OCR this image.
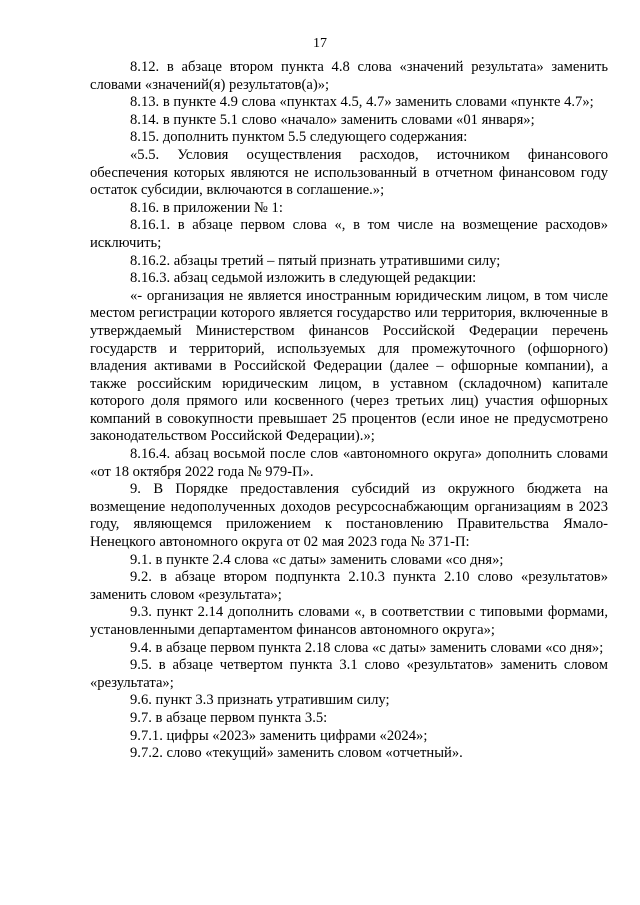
17

8.12. в абзаце втором пункта 4.8 слова «значений результата» заменить словами «значений(я) результатов(а)»;

8.13. в пункте 4.9 слова «пунктах 4.5, 4.7» заменить словами «пункте 4.7»;

8.14. в пункте 5.1 слово «начало» заменить словами «01 января»;

8.15. дополнить пунктом 5.5 следующего содержания:

«5.5. Условия осуществления расходов, источником финансового обеспечения которых являются не использованный в отчетном финансовом году остаток субсидии, включаются в соглашение.»;

8.16. в приложении № 1:

8.16.1. в абзаце первом слова «, в том числе на возмещение расходов» исключить;

8.16.2. абзацы третий – пятый признать утратившими силу;

8.16.3. абзац седьмой изложить в следующей редакции:

«- организация не является иностранным юридическим лицом, в том числе местом регистрации которого является государство или территория, включенные в утверждаемый Министерством финансов Российской Федерации перечень государств и территорий, используемых для промежуточного (офшорного) владения активами в Российской Федерации (далее – офшорные компании), а также российским юридическим лицом, в уставном (складочном) капитале которого доля прямого или косвенного (через третьих лиц) участия офшорных компаний в совокупности превышает 25 процентов (если иное не предусмотрено законодательством Российской Федерации).»;

8.16.4. абзац восьмой после слов «автономного округа» дополнить словами «от 18 октября 2022 года № 979-П».

9. В Порядке предоставления субсидий из окружного бюджета на возмещение недополученных доходов ресурсоснабжающим организациям в 2023 году, являющемся приложением к постановлению Правительства Ямало-Ненецкого автономного округа от 02 мая 2023 года № 371-П:

9.1. в пункте 2.4 слова «с даты» заменить словами «со дня»;

9.2. в абзаце втором подпункта 2.10.3 пункта 2.10 слово «результатов» заменить словом «результата»;

9.3. пункт 2.14 дополнить словами «, в соответствии с типовыми формами, установленными департаментом финансов автономного округа»;

9.4. в абзаце первом пункта 2.18 слова «с даты» заменить словами «со дня»;

9.5. в абзаце четвертом пункта 3.1 слово «результатов» заменить словом «результата»;

9.6. пункт 3.3 признать утратившим силу;

9.7. в абзаце первом пункта 3.5:

9.7.1. цифры «2023» заменить цифрами «2024»;

9.7.2. слово «текущий» заменить словом «отчетный».
